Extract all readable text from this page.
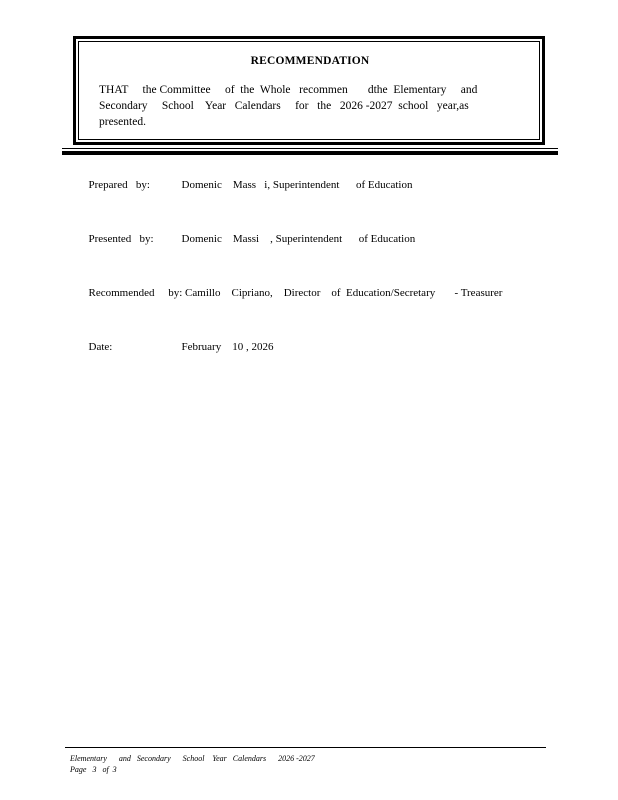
RECOMMENDATION
THAT     the Committee     of  the  Whole   recommen       dthe  Elementary     and
Secondary     School    Year   Calendars     for   the   2026 -2027  school   year,as    presented.

Prepared   by:	Domenic    Mass   i, Superintendent      of Education

Presented   by:	Domenic    Massi    , Superintendent      of Education

Recommended     by: Camillo    Cipriano,    Director    of  Education/Secretary       - Treasurer

Date:	February    10 , 2026

Elementary      and   Secondary      School    Year   Calendars      2026 -2027
Page   3   of  3
